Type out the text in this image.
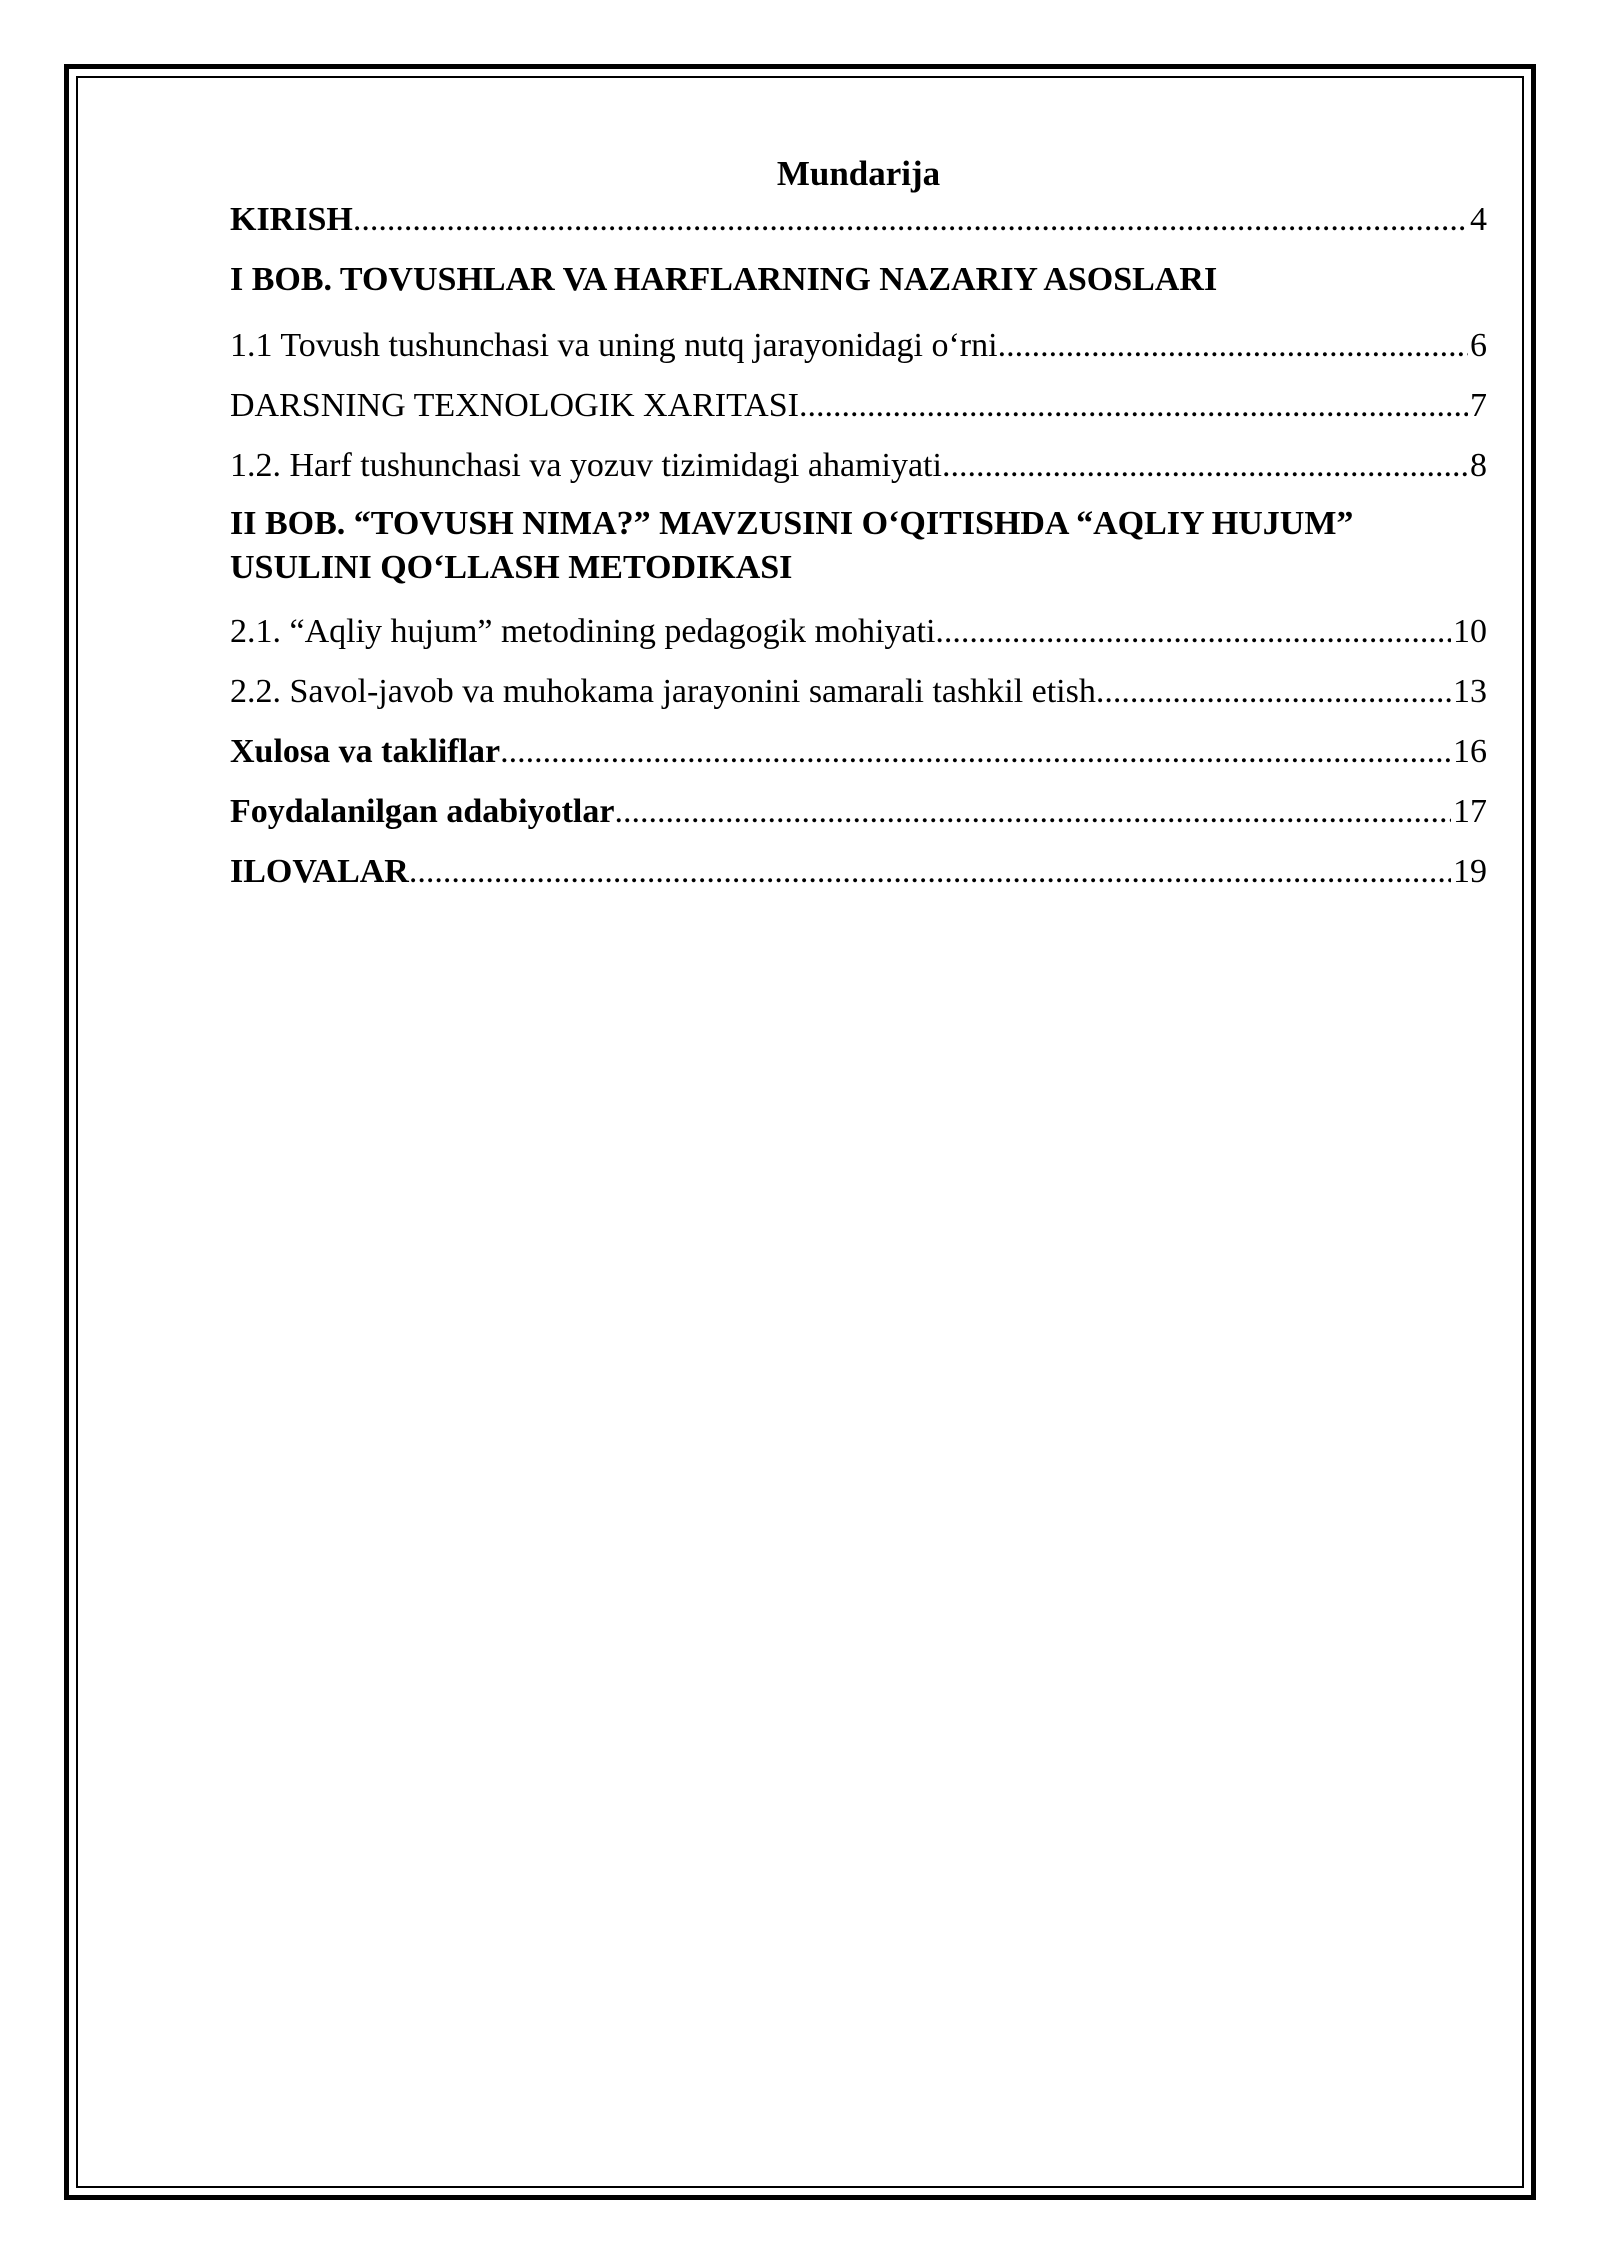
Mundarija

KIRISH .....	4
I BOB. TOVUSHLAR VA HARFLARNING NAZARIY ASOSLARI
1.1 Tovush tushunchasi va uning nutq jarayonidagi o‘rni .....	6
DARSNING TEXNOLOGIK XARITASI .....	7
1.2. Harf tushunchasi va yozuv tizimidagi ahamiyati .....	8
II BOB. “TOVUSH NIMA?” MAVZUSINI O‘QITISHDA “AQLIY HUJUM”
USULINI QO‘LLASH METODIKASI
2.1. “Aqliy hujum” metodining pedagogik mohiyati .....	10
2.2. Savol-javob va muhokama jarayonini samarali tashkil etish .....	13
Xulosa va takliflar .....	16
Foydalanilgan adabiyotlar .....	17
ILOVALAR .....	19
